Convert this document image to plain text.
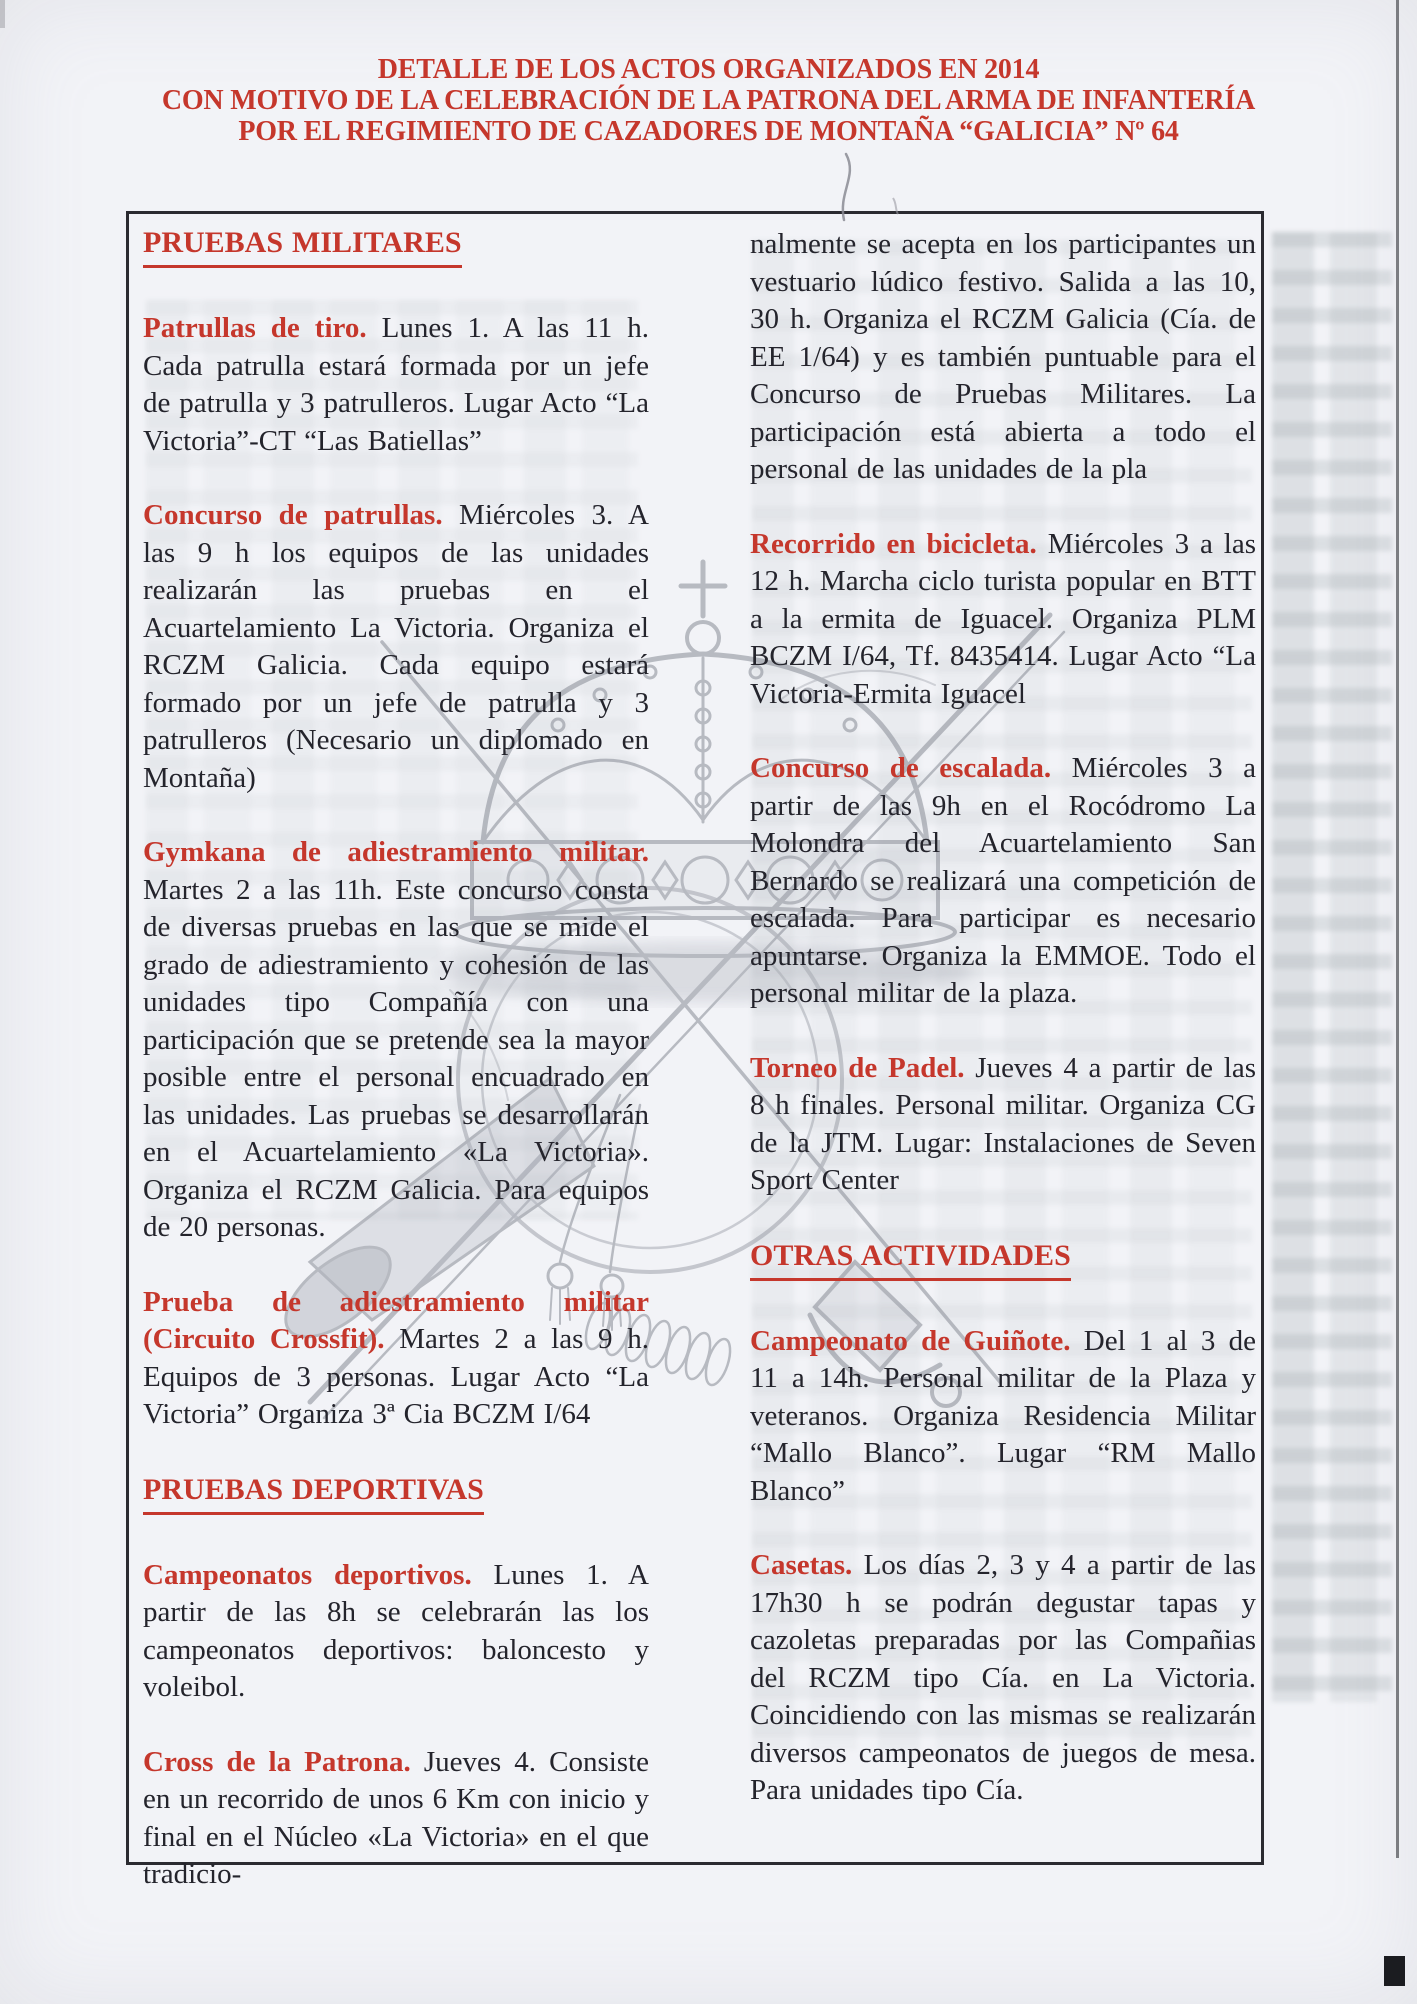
DETALLE DE LOS ACTOS ORGANIZADOS EN 2014
CON MOTIVO DE LA CELEBRACIÓN DE LA PATRONA DEL ARMA DE INFANTERÍA
POR EL REGIMIENTO DE CAZADORES DE MONTAÑA “GALICIA” Nº 64
PRUEBAS MILITARES

Patrullas de tiro. Lunes 1. A las 11 h. Cada patrulla estará formada por un jefe de patrulla y 3 patrulleros. Lugar Acto “La Victoria”-CT “Las Batiellas”

Concurso de patrullas. Miércoles 3. A las 9 h los equipos de las unidades realizarán las pruebas en el Acuartelamiento La Victoria. Organiza el RCZM Galicia. Cada equipo estará formado por un jefe de patrulla y 3 patrulleros (Necesario un diplomado en Montaña)

Gymkana de adiestramiento militar. Martes 2 a las 11h. Este concurso consta de diversas pruebas en las que se mide el grado de adiestramiento y cohesión de las unidades tipo Compañía con una participación que se pretende sea la mayor posible entre el personal encuadrado en las unidades. Las pruebas se desarrollarán en el Acuartelamiento «La Victoria». Organiza el RCZM Galicia. Para equipos de 20 personas.

Prueba de adiestramiento militar (Circuito Crossfit). Martes 2 a las 9 h. Equipos de 3 personas. Lugar Acto “La Victoria” Organiza 3ª Cia BCZM I/64

PRUEBAS DEPORTIVAS

Campeonatos deportivos. Lunes 1. A partir de las 8h se celebrarán las los campeonatos deportivos: baloncesto y voleibol.

Cross de la Patrona. Jueves 4. Consiste en un recorrido de unos 6 Km con inicio y final en el Núcleo «La Victoria» en el que tradicio-

nalmente se acepta en los participantes un vestuario lúdico festivo. Salida a las 10, 30 h. Organiza el RCZM Galicia (Cía. de EE 1/64) y es también puntuable para el Concurso de Pruebas Militares. La participación está abierta a todo el personal de las unidades de la pla

Recorrido en bicicleta. Miércoles 3 a las 12 h. Marcha ciclo turista popular en BTT a la ermita de Iguacel. Organiza PLM BCZM I/64, Tf. 8435414. Lugar Acto “La Victoria-Ermita Iguacel

Concurso de escalada. Miércoles 3 a partir de las 9h en el Rocódromo La Molondra del Acuartelamiento San Bernardo se realizará una competición de escalada. Para participar es necesario apuntarse. Organiza la EMMOE. Todo el personal militar de la plaza.

Torneo de Padel. Jueves 4 a partir de las 8 h finales. Personal militar. Organiza CG de la JTM. Lugar: Instalaciones de Seven Sport Center

OTRAS ACTIVIDADES

Campeonato de Guiñote. Del 1 al 3 de 11 a 14h. Personal militar de la Plaza y veteranos. Organiza Residencia Militar “Mallo Blanco”. Lugar “RM Mallo Blanco”

Casetas. Los días 2, 3 y 4 a partir de las 17h30 h se podrán degustar tapas y cazoletas preparadas por las Compañias del RCZM tipo Cía. en La Victoria. Coincidiendo con las mismas se realizarán diversos campeonatos de juegos de mesa. Para unidades tipo Cía.
